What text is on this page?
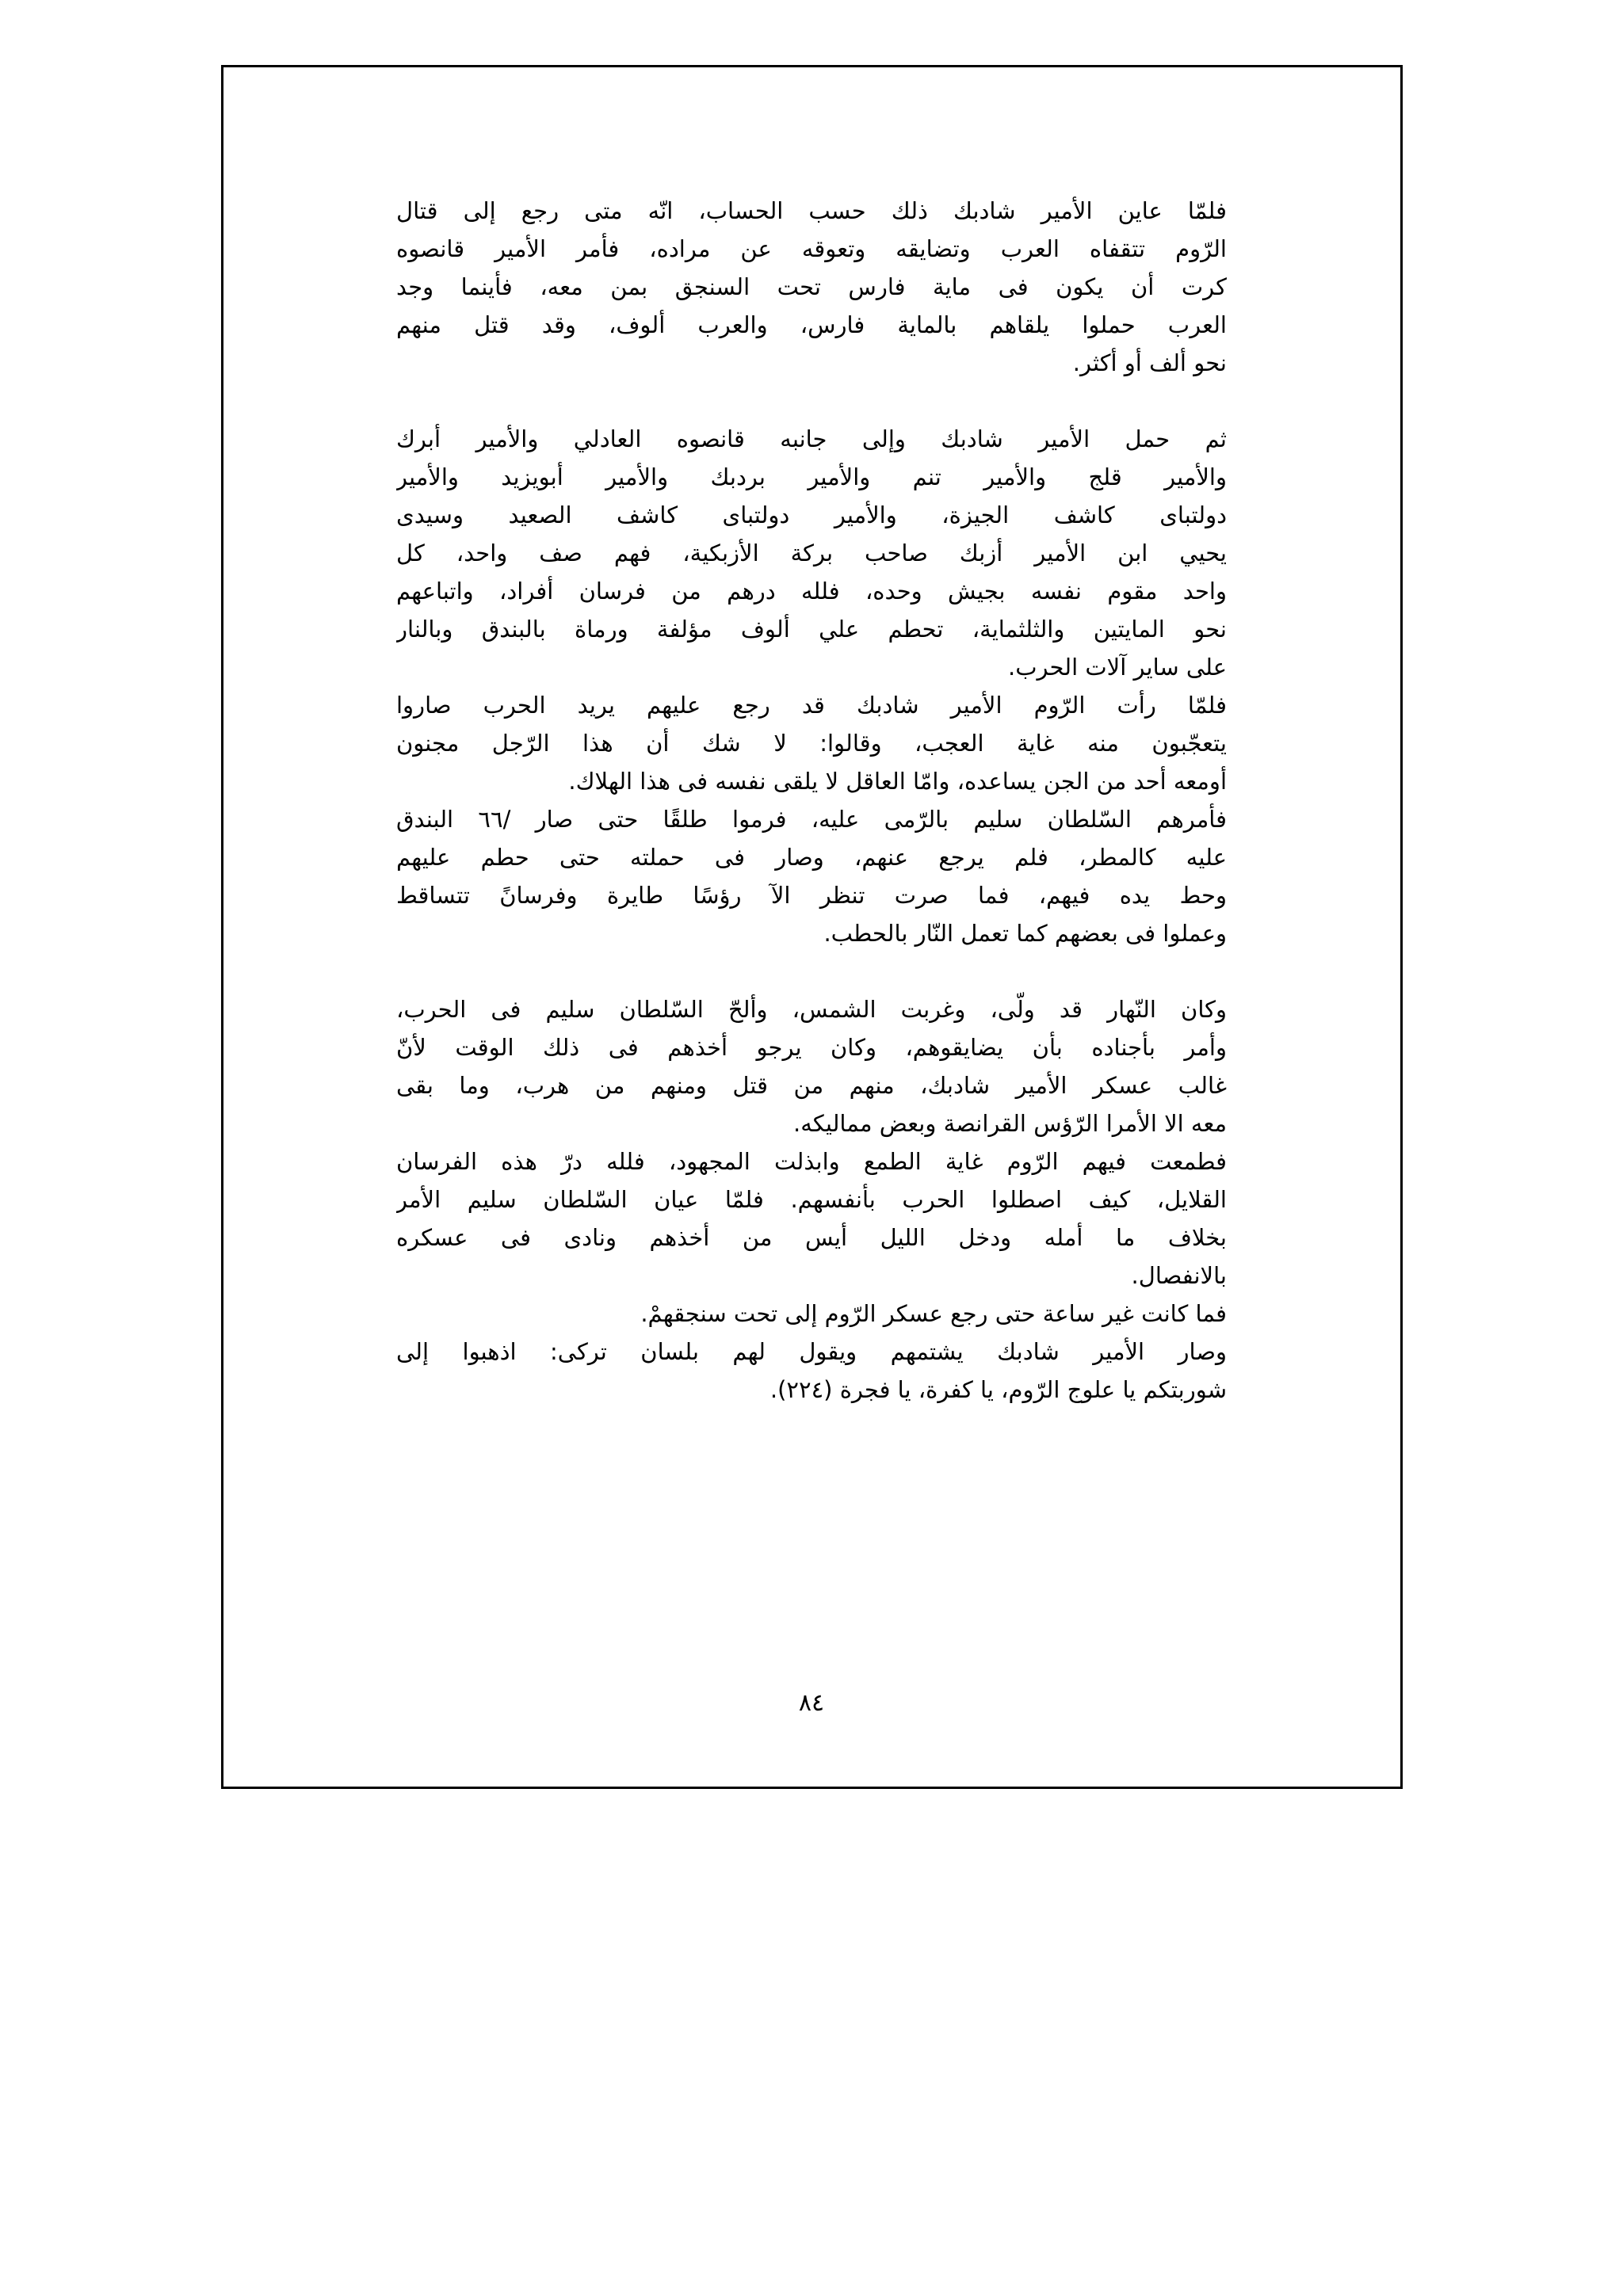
فلمّا عاين الأمير شادبك ذلك حسب الحساب، انّه متى رجع إلى قتال
الرّوم تتقفاه العرب وتضايقه وتعوقه عن مراده، فأمر الأمير قانصوه
كرت أن يكون فى ماية فارس تحت السنجق بمن معه، فأينما وجد
العرب حملوا يلقاهم بالماية فارس، والعرب ألوف، وقد قتل منهم
نحو ألف أو أكثر.
ثم حمل الأمير شادبك وإلى جانبه قانصوه العادلي والأمير أبرك
والأمير قلج والأمير تنم والأمير بردبك والأمير أبويزيد والأمير
دولتباى كاشف الجيزة، والأمير دولتباى كاشف الصعيد وسيدى
يحيي ابن الأمير أزبك صاحب بركة الأزبكية، فهم صف واحد، كل
واحد مقوم نفسه بجيش وحده، فلله درهم من فرسان أفراد، واتباعهم
نحو المايتين والثلثماية، تحطم علي ألوف مؤلفة ورماة بالبندق وبالنار
على ساير آلات الحرب.
فلمّا رأت الرّوم الأمير شادبك قد رجع عليهم يريد الحرب صاروا
يتعجّبون منه غاية العجب، وقالوا: لا شك أن هذا الرّجل مجنون
أومعه أحد من الجن يساعده، وامّا العاقل لا يلقى نفسه فى هذا الهلاك.
فأمرهم السّلطان سليم بالرّمى عليه، فرموا طلقًا حتى صار /٦٦ البندق
عليه كالمطر، فلم يرجع عنهم، وصار فى حملته حتى حطم عليهم
وحط يده فيهم، فما صرت تنظر الآ رؤسًا طايرة وفرسانً تتساقط
وعملوا فى بعضهم كما تعمل النّار بالحطب.
وكان النّهار قد ولّى، وغربت الشمس، وألحّ السّلطان سليم فى الحرب،
وأمر بأجناده بأن يضايقوهم، وكان يرجو أخذهم فى ذلك الوقت لأنّ
غالب عسكر الأمير شادبك، منهم من قتل ومنهم من هرب، وما بقى
معه الا الأمرا الرّؤس القرانصة وبعض مماليكه.
فطمعت فيهم الرّوم غاية الطمع وابذلت المجهود، فلله درّ هذه الفرسان
القلايل، كيف اصطلوا الحرب بأنفسهم. فلمّا عيان السّلطان سليم الأمر
بخلاف ما أمله ودخل الليل أيس من أخذهم ونادى فى عسكره
بالانفصال.
فما كانت غير ساعة حتى رجع عسكر الرّوم إلى تحت سنجقهمْ.
وصار الأمير شادبك يشتمهم ويقول لهم بلسان تركى: اذهبوا إلى
شوربتكم يا علوج الرّوم، يا كفرة، يا فجرة (٢٢٤).
٨٤
